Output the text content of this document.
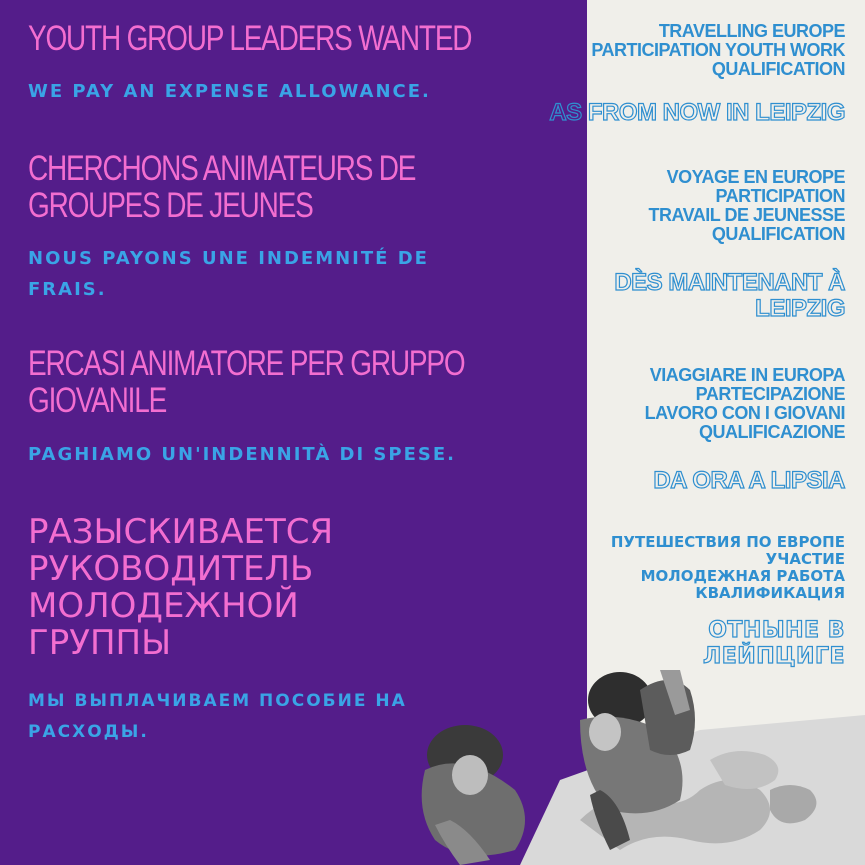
YOUTH GROUP LEADERS WANTED
WE PAY AN EXPENSE ALLOWANCE.
CHERCHONS ANIMATEURS DE
GROUPES DE JEUNES
NOUS PAYONS UNE INDEMNITÉ DE
FRAIS.
ERCASI ANIMATORE PER GRUPPO
GIOVANILE
PAGHIAMO UN'INDENNITÀ DI SPESE.
РАЗЫСКИВАЕТСЯ
РУКОВОДИТЕЛЬ
МОЛОДЕЖНОЙ
ГРУППЫ
МЫ ВЫПЛАЧИВАЕМ ПОСОБИЕ НА
РАСХОДЫ.
TRAVELLING EUROPE
PARTICIPATION YOUTH WORK
QUALIFICATION
AS FROM NOW IN LEIPZIG
VOYAGE EN EUROPE
PARTICIPATION
TRAVAIL DE JEUNESSE
QUALIFICATION
DÈS MAINTENANT À
LEIPZIG
VIAGGIARE IN EUROPA
PARTECIPAZIONE
LAVORO CON I GIOVANI
QUALIFICAZIONE
DA ORA A LIPSIA
ПУТЕШЕСТВИЯ ПО ЕВРОПЕ
УЧАСТИЕ
МОЛОДЕЖНАЯ РАБОТА
КВАЛИФИКАЦИЯ
ОТНЫНЕ В
ЛЕЙПЦИГЕ
